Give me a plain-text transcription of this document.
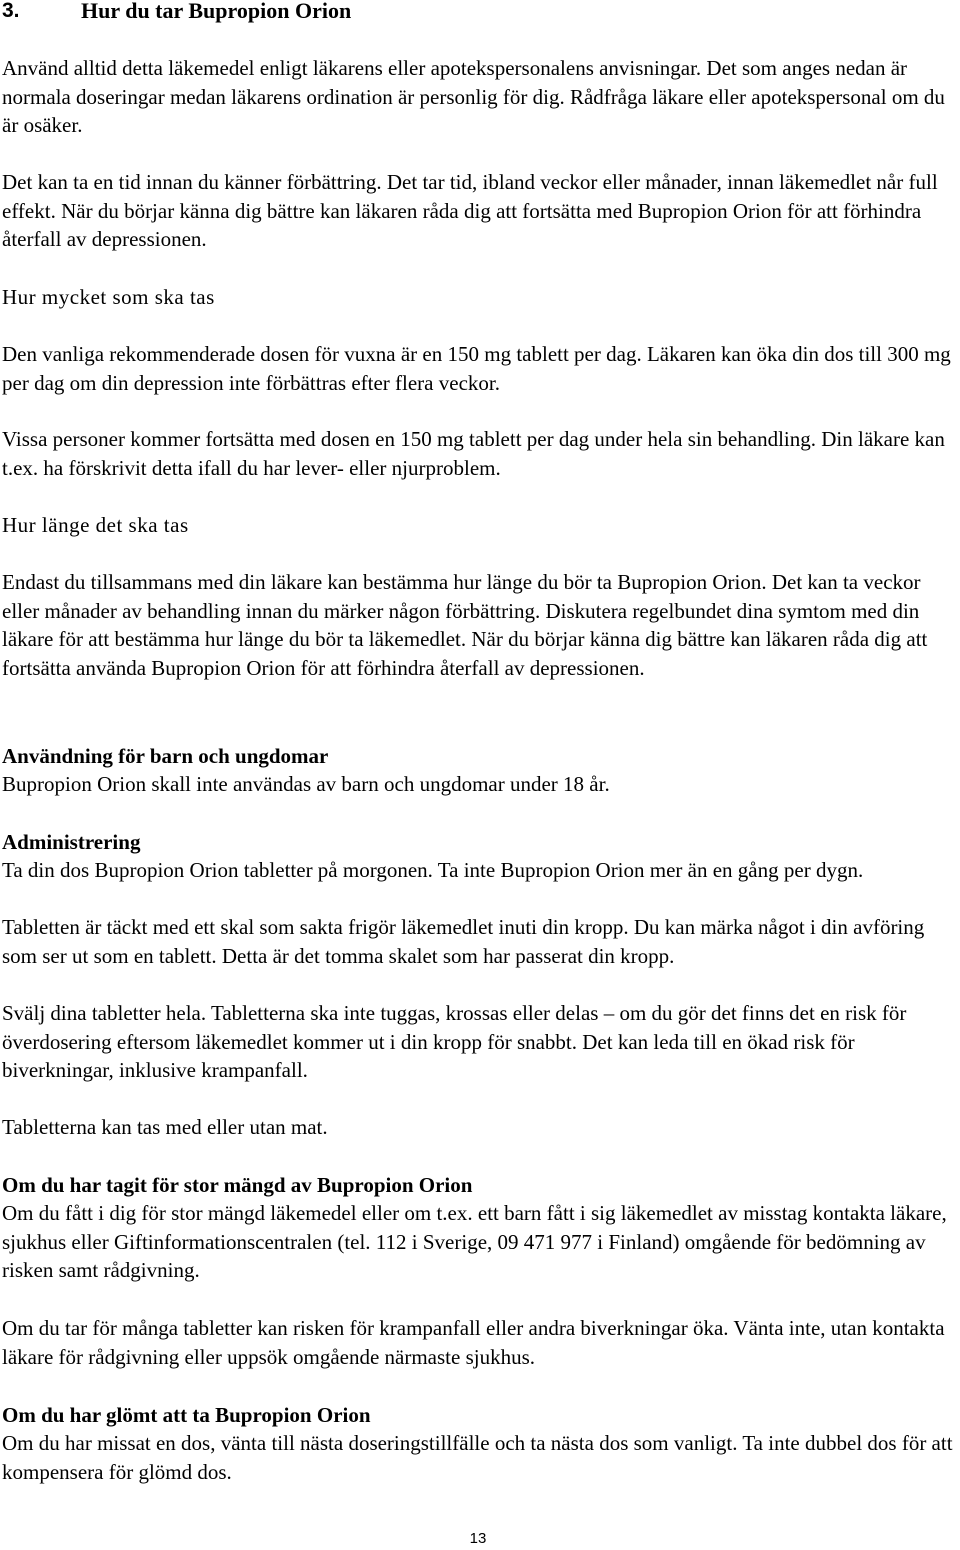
3.	Hur du tar Bupropion Orion

Använd alltid detta läkemedel enligt läkarens eller apotekspersonalens anvisningar. Det som anges nedan är normala doseringar medan läkarens ordination är personlig för dig. Rådfråga läkare eller apotekspersonal om du är osäker.

Det kan ta en tid innan du känner förbättring. Det tar tid, ibland veckor eller månader, innan läkemedlet når full effekt. När du börjar känna dig bättre kan läkaren råda dig att fortsätta med Bupropion Orion för att förhindra återfall av depressionen.

Hur mycket som ska tas

Den vanliga rekommenderade dosen för vuxna är en 150 mg tablett per dag. Läkaren kan öka din dos till 300 mg per dag om din depression inte förbättras efter flera veckor.

Vissa personer kommer fortsätta med dosen en 150 mg tablett per dag under hela sin behandling. Din läkare kan t.ex. ha förskrivit detta ifall du har lever- eller njurproblem.

Hur länge det ska tas

Endast du tillsammans med din läkare kan bestämma hur länge du bör ta Bupropion Orion. Det kan ta veckor eller månader av behandling innan du märker någon förbättring. Diskutera regelbundet dina symtom med din läkare för att bestämma hur länge du bör ta läkemedlet. När du börjar känna dig bättre kan läkaren råda dig att fortsätta använda Bupropion Orion för att förhindra återfall av depressionen.

Användning för barn och ungdomar

Bupropion Orion skall inte användas av barn och ungdomar under 18 år.

Administrering

Ta din dos Bupropion Orion tabletter på morgonen. Ta inte Bupropion Orion mer än en gång per dygn.

Tabletten är täckt med ett skal som sakta frigör läkemedlet inuti din kropp. Du kan märka något i din avföring som ser ut som en tablett. Detta är det tomma skalet som har passerat din kropp.

Svälj dina tabletter hela. Tabletterna ska inte tuggas, krossas eller delas – om du gör det finns det en risk för överdosering eftersom läkemedlet kommer ut i din kropp för snabbt. Det kan leda till en ökad risk för biverkningar, inklusive krampanfall.

Tabletterna kan tas med eller utan mat.

Om du har tagit för stor mängd av Bupropion Orion

Om du fått i dig för stor mängd läkemedel eller om t.ex. ett barn fått i sig läkemedlet av misstag kontakta läkare, sjukhus eller Giftinformationscentralen (tel. 112 i Sverige, 09 471 977 i Finland) omgående för bedömning av risken samt rådgivning.

Om du tar för många tabletter kan risken för krampanfall eller andra biverkningar öka. Vänta inte, utan kontakta läkare för rådgivning eller uppsök omgående närmaste sjukhus.

Om du har glömt att ta Bupropion Orion

Om du har missat en dos, vänta till nästa doseringstillfälle och ta nästa dos som vanligt. Ta inte dubbel dos för att kompensera för glömd dos.

13
